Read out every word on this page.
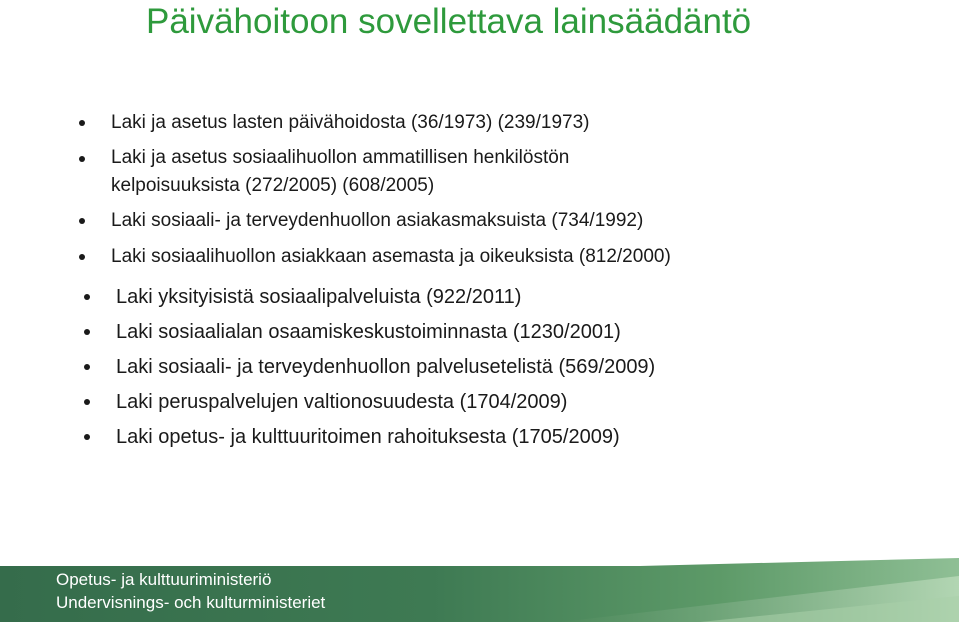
Päivähoitoon sovellettava lainsäädäntö
Laki ja asetus lasten päivähoidosta (36/1973) (239/1973)
Laki ja asetus sosiaalihuollon ammatillisen henkilöstön
kelpoisuuksista (272/2005) (608/2005)
Laki sosiaali- ja terveydenhuollon asiakasmaksuista (734/1992)
Laki sosiaalihuollon asiakkaan asemasta ja oikeuksista (812/2000)
Laki yksityisistä sosiaalipalveluista (922/2011)
Laki sosiaalialan osaamiskeskustoiminnasta (1230/2001)
Laki sosiaali- ja terveydenhuollon palvelusetelistä (569/2009)
Laki peruspalvelujen valtionosuudesta (1704/2009)
Laki opetus- ja kulttuuritoimen rahoituksesta (1705/2009)
Opetus- ja kulttuuriministeriö
Undervisnings- och kulturministeriet
